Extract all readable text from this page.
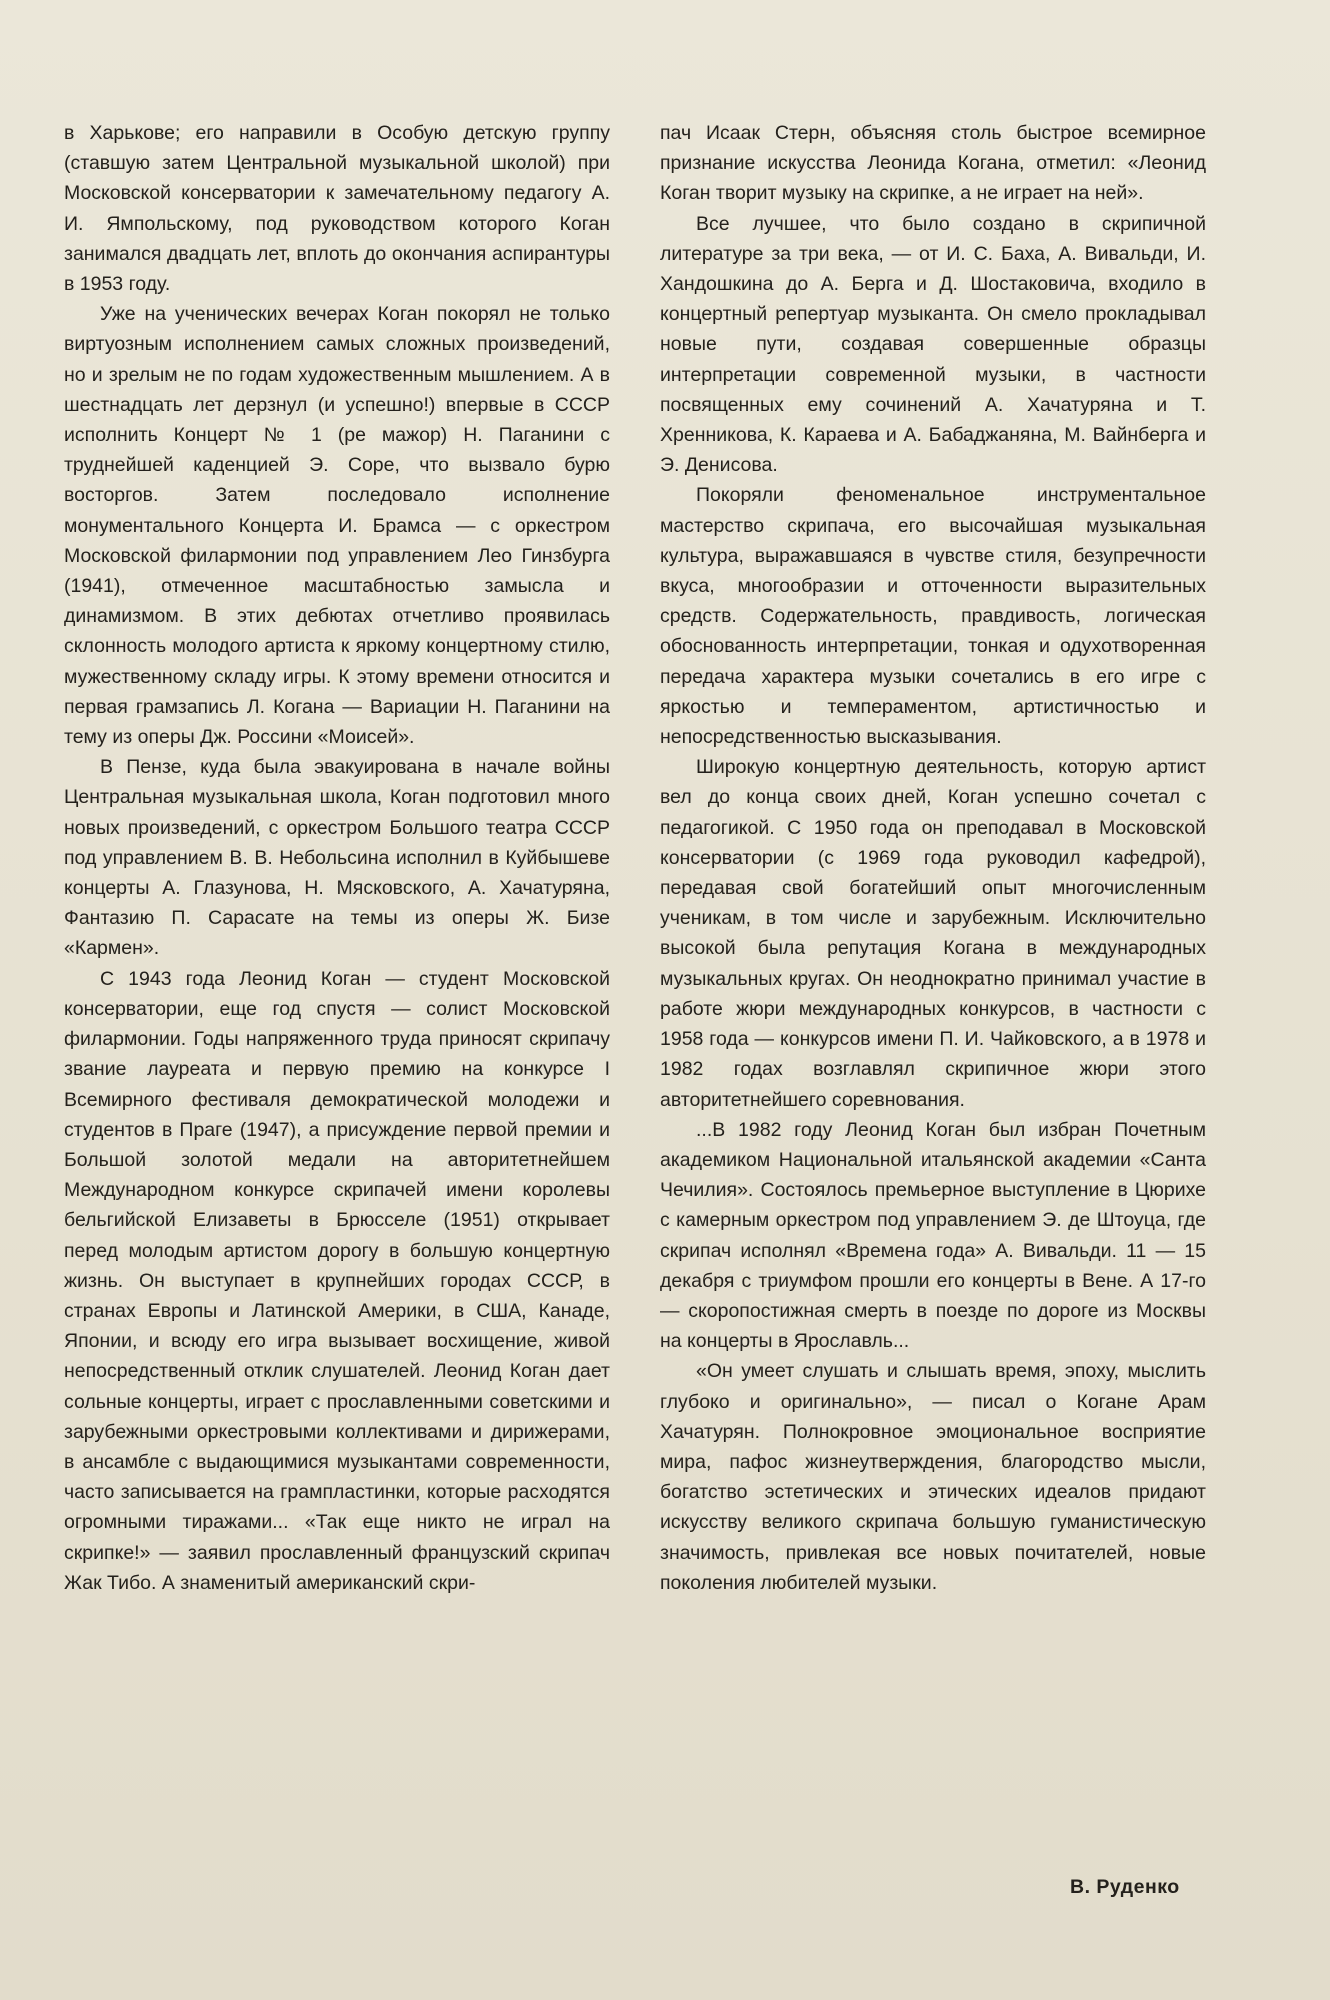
в Харькове; его направили в Особую детскую группу (ставшую затем Центральной музыкальной школой) при Московской консерватории к замечательному педагогу А. И. Ямпольскому, под руководством которого Коган занимался двадцать лет, вплоть до окончания аспирантуры в 1953 году.

Уже на ученических вечерах Коган покорял не только виртуозным исполнением самых сложных произведений, но и зрелым не по годам художественным мышлением. А в шестнадцать лет дерзнул (и успешно!) впервые в СССР исполнить Концерт № 1 (ре мажор) Н. Паганини с труднейшей каденцией Э. Соре, что вызвало бурю восторгов. Затем последовало исполнение монументального Концерта И. Брамса — с оркестром Московской филармонии под управлением Лео Гинзбурга (1941), отмеченное масштабностью замысла и динамизмом. В этих дебютах отчетливо проявилась склонность молодого артиста к яркому концертному стилю, мужественному складу игры. К этому времени относится и первая грамзапись Л. Когана — Вариации Н. Паганини на тему из оперы Дж. Россини «Моисей».

В Пензе, куда была эвакуирована в начале войны Центральная музыкальная школа, Коган подготовил много новых произведений, с оркестром Большого театра СССР под управлением В. В. Небольсина исполнил в Куйбышеве концерты А. Глазунова, Н. Мясковского, А. Хачатуряна, Фантазию П. Сарасате на темы из оперы Ж. Бизе «Кармен».

С 1943 года Леонид Коган — студент Московской консерватории, еще год спустя — солист Московской филармонии. Годы напряженного труда приносят скрипачу звание лауреата и первую премию на конкурсе I Всемирного фестиваля демократической молодежи и студентов в Праге (1947), а присуждение первой премии и Большой золотой медали на авторитетнейшем Международном конкурсе скрипачей имени королевы бельгийской Елизаветы в Брюсселе (1951) открывает перед молодым артистом дорогу в большую концертную жизнь. Он выступает в крупнейших городах СССР, в странах Европы и Латинской Америки, в США, Канаде, Японии, и всюду его игра вызывает восхищение, живой непосредственный отклик слушателей. Леонид Коган дает сольные концерты, играет с прославленными советскими и зарубежными оркестровыми коллективами и дирижерами, в ансамбле с выдающимися музыкантами современности, часто записывается на грампластинки, которые расходятся огромными тиражами... «Так еще никто не играл на скрипке!» — заявил прославленный французский скрипач Жак Тибо. А знаменитый американский скри-

пач Исаак Стерн, объясняя столь быстрое всемирное признание искусства Леонида Когана, отметил: «Леонид Коган творит музыку на скрипке, а не играет на ней».

Все лучшее, что было создано в скрипичной литературе за три века, — от И. С. Баха, А. Вивальди, И. Хандошкина до А. Берга и Д. Шостаковича, входило в концертный репертуар музыканта. Он смело прокладывал новые пути, создавая совершенные образцы интерпретации современной музыки, в частности посвященных ему сочинений А. Хачатуряна и Т. Хренникова, К. Караева и А. Бабаджаняна, М. Вайнберга и Э. Денисова.

Покоряли феноменальное инструментальное мастерство скрипача, его высочайшая музыкальная культура, выражавшаяся в чувстве стиля, безупречности вкуса, многообразии и отточенности выразительных средств. Содержательность, правдивость, логическая обоснованность интерпретации, тонкая и одухотворенная передача характера музыки сочетались в его игре с яркостью и темпераментом, артистичностью и непосредственностью высказывания.

Широкую концертную деятельность, которую артист вел до конца своих дней, Коган успешно сочетал с педагогикой. С 1950 года он преподавал в Московской консерватории (с 1969 года руководил кафедрой), передавая свой богатейший опыт многочисленным ученикам, в том числе и зарубежным. Исключительно высокой была репутация Когана в международных музыкальных кругах. Он неоднократно принимал участие в работе жюри международных конкурсов, в частности с 1958 года — конкурсов имени П. И. Чайковского, а в 1978 и 1982 годах возглавлял скрипичное жюри этого авторитетнейшего соревнования.

...В 1982 году Леонид Коган был избран Почетным академиком Национальной итальянской академии «Санта Чечилия». Состоялось премьерное выступление в Цюрихе с камерным оркестром под управлением Э. де Штоуца, где скрипач исполнял «Времена года» А. Вивальди. 11 — 15 декабря с триумфом прошли его концерты в Вене. А 17-го — скоропостижная смерть в поезде по дороге из Москвы на концерты в Ярославль...

«Он умеет слушать и слышать время, эпоху, мыслить глубоко и оригинально», — писал о Когане Арам Хачатурян. Полнокровное эмоциональное восприятие мира, пафос жизнеутверждения, благородство мысли, богатство эстетических и этических идеалов придают искусству великого скрипача большую гуманистическую значимость, привлекая все новых почитателей, новые поколения любителей музыки.

В. Руденко
